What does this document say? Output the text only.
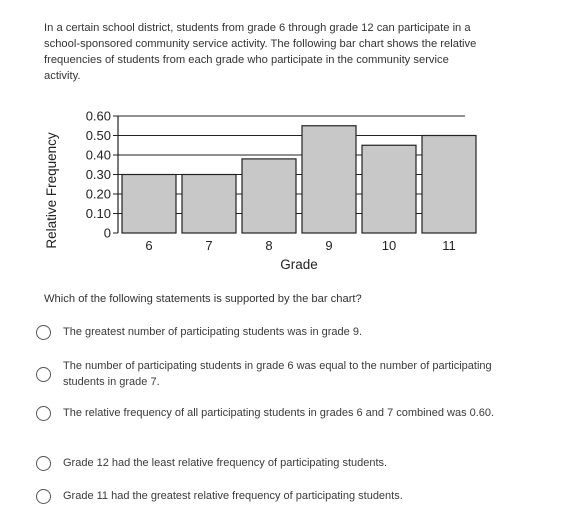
In a certain school district, students from grade 6 through grade 12 can participate in a school-sponsored community service activity. The following bar chart shows the relative frequencies of students from each grade who participate in the community service activity.
0
0.10
0.20
0.30
0.40
0.50
0.60
6	7	8	9	10	11
Relative Frequency
Grade
Which of the following statements is supported by the bar chart?
The greatest number of participating students was in grade 9.
The number of participating students in grade 6 was equal to the number of participating students in grade 7.
The relative frequency of all participating students in grades 6 and 7 combined was 0.60.
Grade 12 had the least relative frequency of participating students.
Grade 11 had the greatest relative frequency of participating students.
